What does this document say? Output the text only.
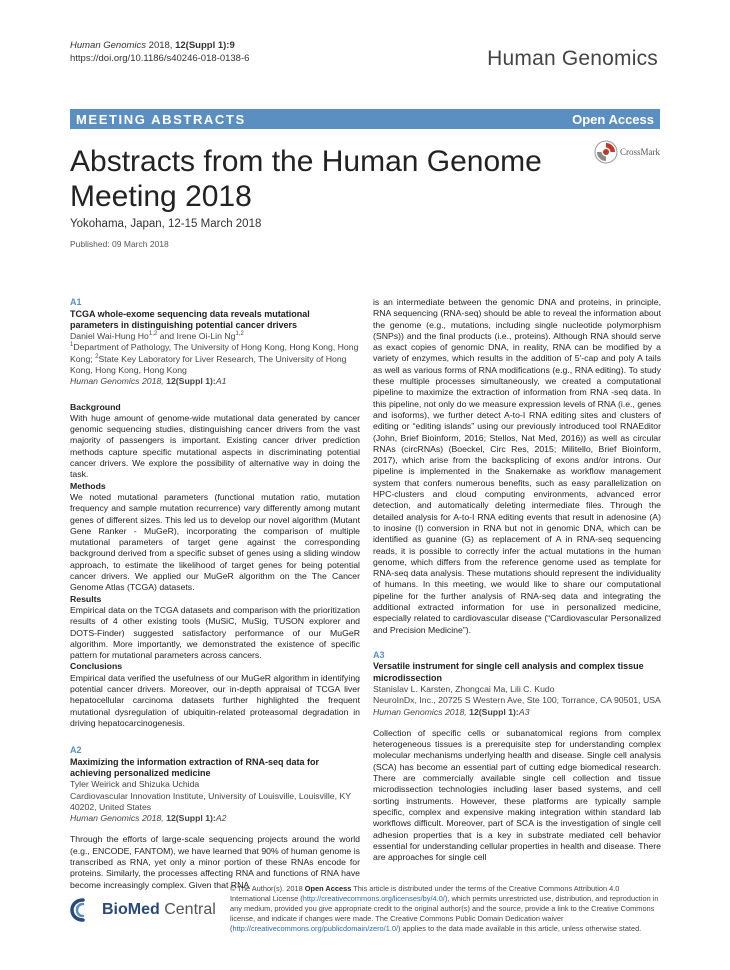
Human Genomics 2018, 12(Suppl 1):9
https://doi.org/10.1186/s40246-018-0138-6	Human Genomics
MEETING ABSTRACTS	Open Access
Abstracts from the Human Genome Meeting 2018
CrossMark
Yokohama, Japan, 12-15 March 2018
Published: 09 March 2018
A1
TCGA whole-exome sequencing data reveals mutational parameters in distinguishing potential cancer drivers
Daniel Wai-Hung Ho$^{1,2}$ and Irene Oi-Lin Ng$^{1,2}$
$^1$Department of Pathology, The University of Hong Kong, Hong Kong, Hong Kong; $^2$State Key Laboratory for Liver Research, The University of Hong Kong, Hong Kong, Hong Kong
Human Genomics 2018, 12(Suppl 1):A1
Background

With huge amount of genome-wide mutational data generated by cancer genomic sequencing studies, distinguishing cancer drivers from the vast majority of passengers is important. Existing cancer driver prediction methods capture specific mutational aspects in discriminating potential cancer drivers. We explore the possibility of alternative way in doing the task.

Methods

We noted mutational parameters (functional mutation ratio, mutation frequency and sample mutation recurrence) vary differently among mutant genes of different sizes. This led us to develop our novel algorithm (Mutant Gene Ranker - MuGeR), incorporating the comparison of multiple mutational parameters of target gene against the corresponding background derived from a specific subset of genes using a sliding window approach, to estimate the likelihood of target genes for being potential cancer drivers. We applied our MuGeR algorithm on the The Cancer Genome Atlas (TCGA) datasets.

Results

Empirical data on the TCGA datasets and comparison with the prioritization results of 4 other existing tools (MuSiC, MuSig, TUSON explorer and DOTS-Finder) suggested satisfactory performance of our MuGeR algorithm. More importantly, we demonstrated the existence of specific pattern for mutational parameters across cancers.

Conclusions

Empirical data verified the usefulness of our MuGeR algorithm in identifying potential cancer drivers. Moreover, our in-depth appraisal of TCGA liver hepatocellular carcinoma datasets further highlighted the frequent mutational dysregulation of ubiquitin-related proteasomal degradation in driving hepatocarcinogenesis.

A2
Maximizing the information extraction of RNA-seq data for achieving personalized medicine
Tyler Weirick and Shizuka Uchida
Cardiovascular Innovation Institute, University of Louisville, Louisville, KY 40202, United States
Human Genomics 2018, 12(Suppl 1):A2

Through the efforts of large-scale sequencing projects around the world (e.g., ENCODE, FANTOM), we have learned that 90% of human genome is transcribed as RNA, yet only a minor portion of these RNAs encode for proteins. Similarly, the processes affecting RNA and functions of RNA have become increasingly complex. Given that RNA

is an intermediate between the genomic DNA and proteins, in principle, RNA sequencing (RNA-seq) should be able to reveal the information about the genome (e.g., mutations, including single nucleotide polymorphism (SNPs)) and the final products (i.e., proteins). Although RNA should serve as exact copies of genomic DNA, in reality, RNA can be modified by a variety of enzymes, which results in the addition of 5'-cap and poly A tails as well as various forms of RNA modifications (e.g., RNA editing). To study these multiple processes simultaneously, we created a computational pipeline to maximize the extraction of information from RNA -seq data. In this pipeline, not only do we measure expression levels of RNA (i.e., genes and isoforms), we further detect A-to-I RNA editing sites and clusters of editing or “editing islands” using our previously introduced tool RNAEditor (John, Brief Bioinform, 2016; Stellos, Nat Med, 2016)) as well as circular RNAs (circRNAs) (Boeckel, Circ Res, 2015; Militello, Brief Bioinform, 2017), which arise from the backsplicing of exons and/or introns. Our pipeline is implemented in the Snakemake as workflow management system that confers numerous benefits, such as easy parallelization on HPC-clusters and cloud computing environments, advanced error detection, and automatically deleting intermediate files. Through the detailed analysis for A-to-I RNA editing events that result in adenosine (A) to inosine (I) conversion in RNA but not in genomic DNA, which can be identified as guanine (G) as replacement of A in RNA-seq sequencing reads, it is possible to correctly infer the actual mutations in the human genome, which differs from the reference genome used as template for RNA-seq data analysis. These mutations should represent the individuality of humans. In this meeting, we would like to share our computational pipeline for the further analysis of RNA-seq data and integrating the additional extracted information for use in personalized medicine, especially related to cardiovascular disease (“Cardiovascular Personalized and Precision Medicine”).

A3
Versatile instrument for single cell analysis and complex tissue microdissection
Stanislav L. Karsten, Zhongcai Ma, Lili C. Kudo
NeuroInDx, Inc., 20725 S Western Ave, Ste 100, Torrance, CA 90501, USA
Human Genomics 2018, 12(Suppl 1):A3

Collection of specific cells or subanatomical regions from complex heterogeneous tissues is a prerequisite step for understanding complex molecular mechanisms underlying health and disease. Single cell analysis (SCA) has become an essential part of cutting edge biomedical research. There are commercially available single cell collection and tissue microdissection technologies including laser based systems, and cell sorting instruments. However, these platforms are typically sample specific, complex and expensive making integration within standard lab workflows difficult. Moreover, part of SCA is the investigation of single cell adhesion properties that is a key in substrate mediated cell behavior essential for understanding cellular properties in health and disease. There are approaches for single cell

BioMed Central
© The Author(s). 2018 Open Access This article is distributed under the terms of the Creative Commons Attribution 4.0 International License (http://creativecommons.org/licenses/by/4.0/), which permits unrestricted use, distribution, and reproduction in any medium, provided you give appropriate credit to the original author(s) and the source, provide a link to the Creative Commons license, and indicate if changes were made. The Creative Commons Public Domain Dedication waiver (http://creativecommons.org/publicdomain/zero/1.0/) applies to the data made available in this article, unless otherwise stated.
